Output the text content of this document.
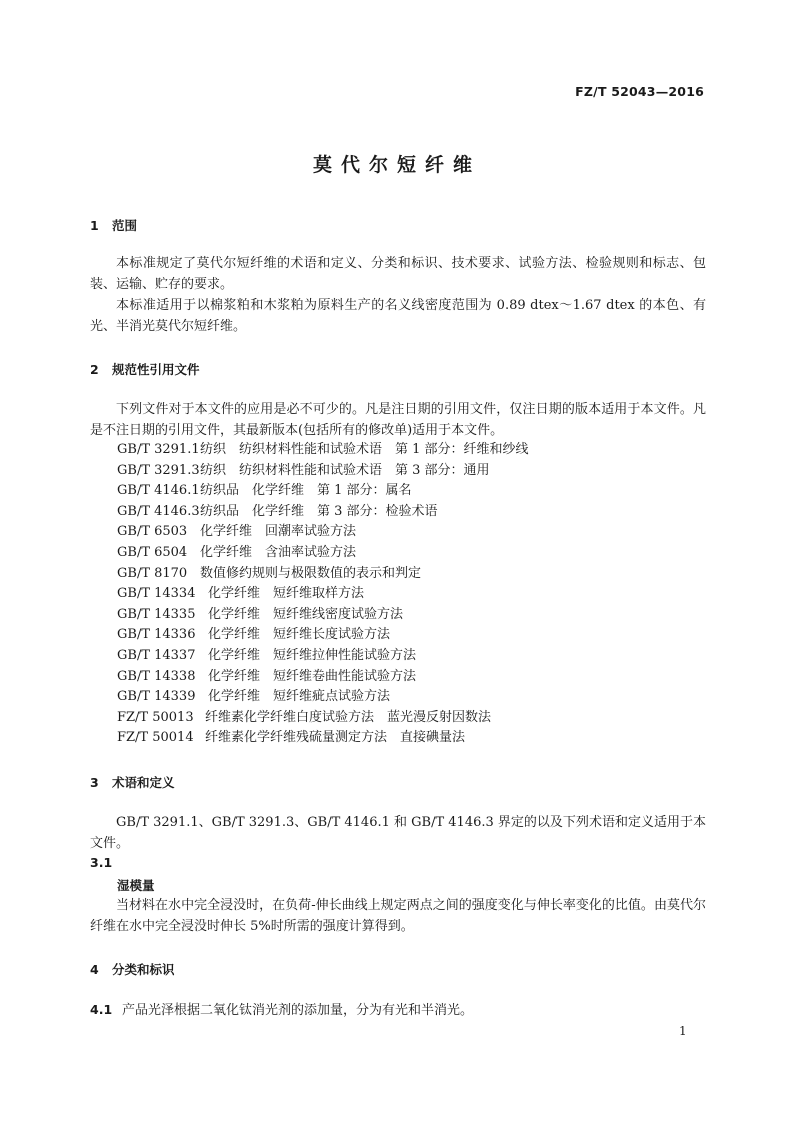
FZ/T 52043—2016
莫代尔短纤维
1 范围

本标准规定了莫代尔短纤维的术语和定义、分类和标识、技术要求、试验方法、检验规则和标志、包装、运输、贮存的要求。

本标准适用于以棉浆粕和木浆粕为原料生产的名义线密度范围为 0.89 dtex～1.67 dtex 的本色、有光、半消光莫代尔短纤维。

2 规范性引用文件

下列文件对于本文件的应用是必不可少的。凡是注日期的引用文件，仅注日期的版本适用于本文件。凡是不注日期的引用文件，其最新版本(包括所有的修改单)适用于本文件。

GB/T 3291.1纺织　纺织材料性能和试验术语　第 1 部分：纤维和纱线
GB/T 3291.3纺织　纺织材料性能和试验术语　第 3 部分：通用
GB/T 4146.1纺织品　化学纤维　第 1 部分：属名
GB/T 4146.3纺织品　化学纤维　第 3 部分：检验术语
GB/T 6503 化学纤维　回潮率试验方法
GB/T 6504 化学纤维　含油率试验方法
GB/T 8170 数值修约规则与极限数值的表示和判定
GB/T 14334 化学纤维　短纤维取样方法
GB/T 14335 化学纤维　短纤维线密度试验方法
GB/T 14336 化学纤维　短纤维长度试验方法
GB/T 14337 化学纤维　短纤维拉伸性能试验方法
GB/T 14338 化学纤维　短纤维卷曲性能试验方法
GB/T 14339 化学纤维　短纤维疵点试验方法
FZ/T 50013 纤维素化学纤维白度试验方法　蓝光漫反射因数法
FZ/T 50014 纤维素化学纤维残硫量测定方法　直接碘量法
3 术语和定义

GB/T 3291.1、GB/T 3291.3、GB/T 4146.1 和 GB/T 4146.3 界定的以及下列术语和定义适用于本文件。

3.1
湿模量

当材料在水中完全浸没时，在负荷-伸长曲线上规定两点之间的强度变化与伸长率变化的比值。由莫代尔纤维在水中完全浸没时伸长 5%时所需的强度计算得到。

4 分类和标识
4.1 产品光泽根据二氧化钛消光剂的添加量，分为有光和半消光。
1
